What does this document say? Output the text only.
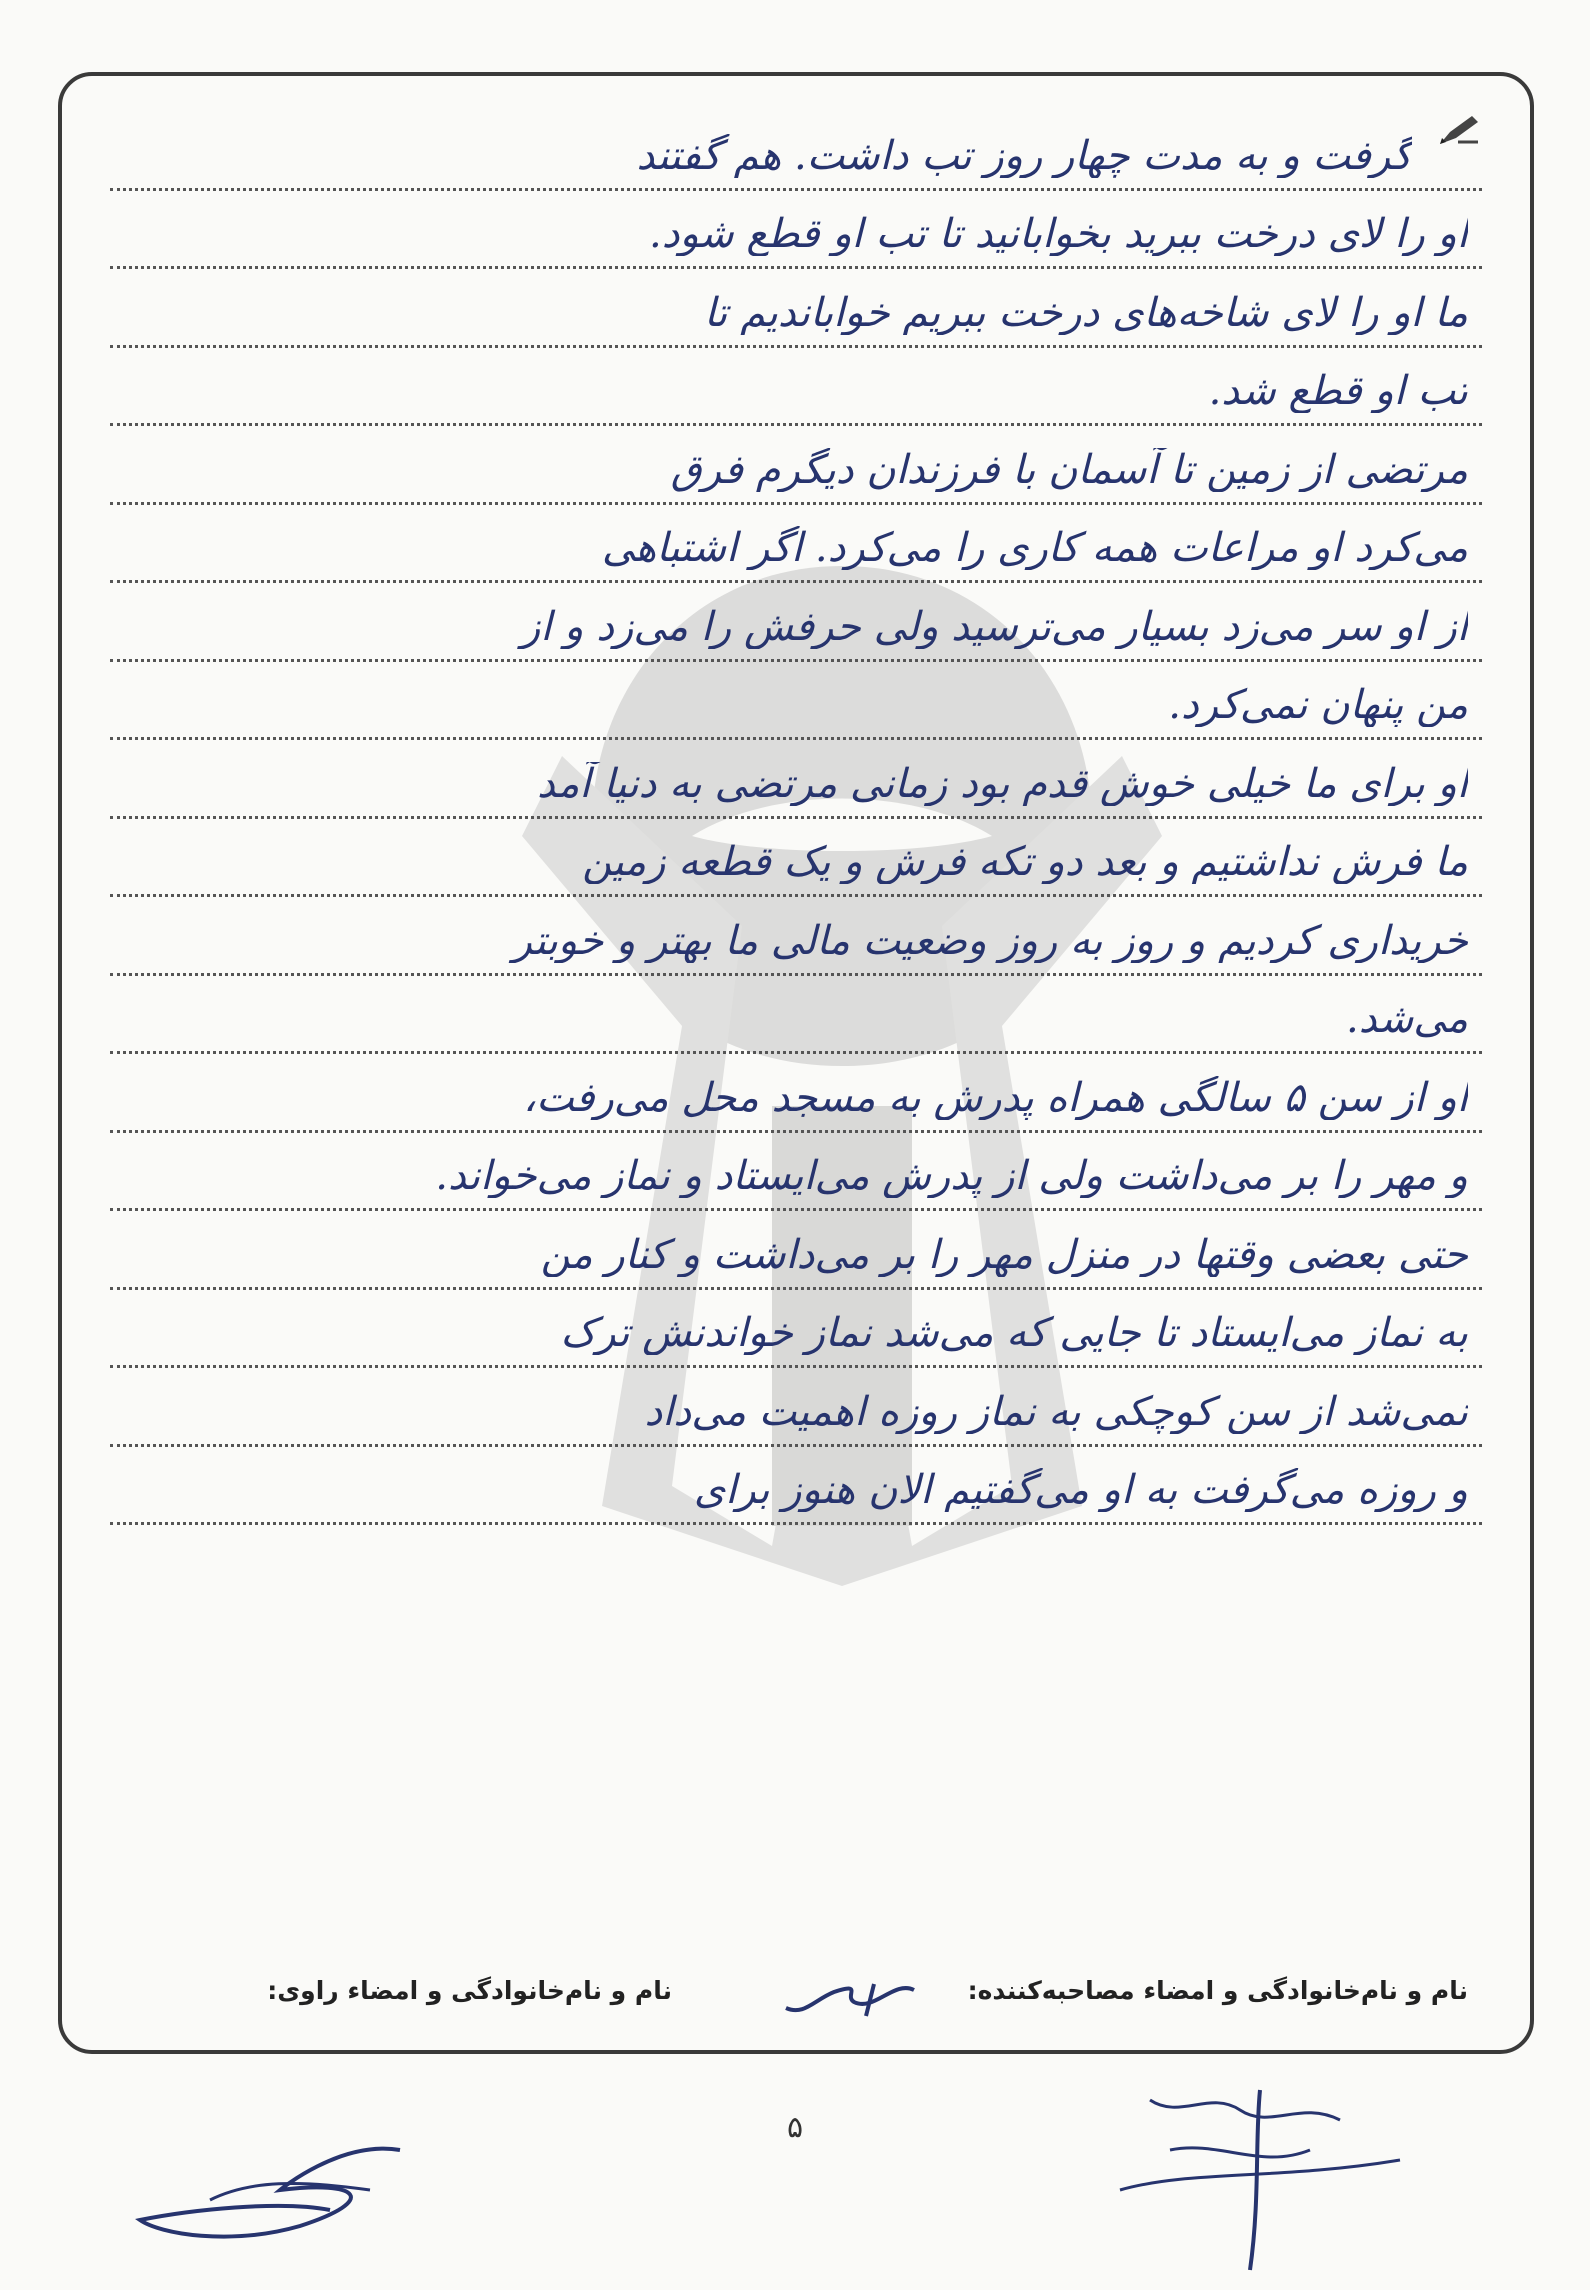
گرفت و به مدت چهار روز تب داشت. هم گفتند
او را لای درخت ببرید بخوابانید تا تب او قطع شود.
ما او را لای شاخه‌های درخت ببریم خواباندیم تا
تب او قطع شد.
مرتضی از زمین تا آسمان با فرزندان دیگرم فرق
می‌کرد او مراعات همه کاری را می‌کرد. اگر اشتباهی
از او سر می‌زد بسیار می‌ترسید ولی حرفش را می‌زد و از
من پنهان نمی‌کرد.
او برای ما خیلی خوش قدم بود زمانی مرتضی به دنیا آمد
ما فرش نداشتیم و بعد دو تکه فرش و یک قطعه زمین
خریداری کردیم و روز به روز وضعیت مالی ما بهتر و خوبتر
می‌شد.
او از سن ۵ سالگی همراه پدرش به مسجد محل می‌رفت،
و مهر را بر می‌داشت ولی از پدرش می‌ایستاد و نماز می‌خواند.
حتی بعضی وقتها در منزل مهر را بر می‌داشت و کنار من
به نماز می‌ایستاد تا جایی که می‌شد نماز خواندنش ترک
نمی‌شد از سن کوچکی به نماز روزه اهمیت می‌داد
و روزه می‌گرفت به او می‌گفتیم الان هنوز برای
نام و نام‌خانوادگی و امضاء مصاحبه‌کننده:
نام و نام‌خانوادگی و امضاء راوی:
۵
